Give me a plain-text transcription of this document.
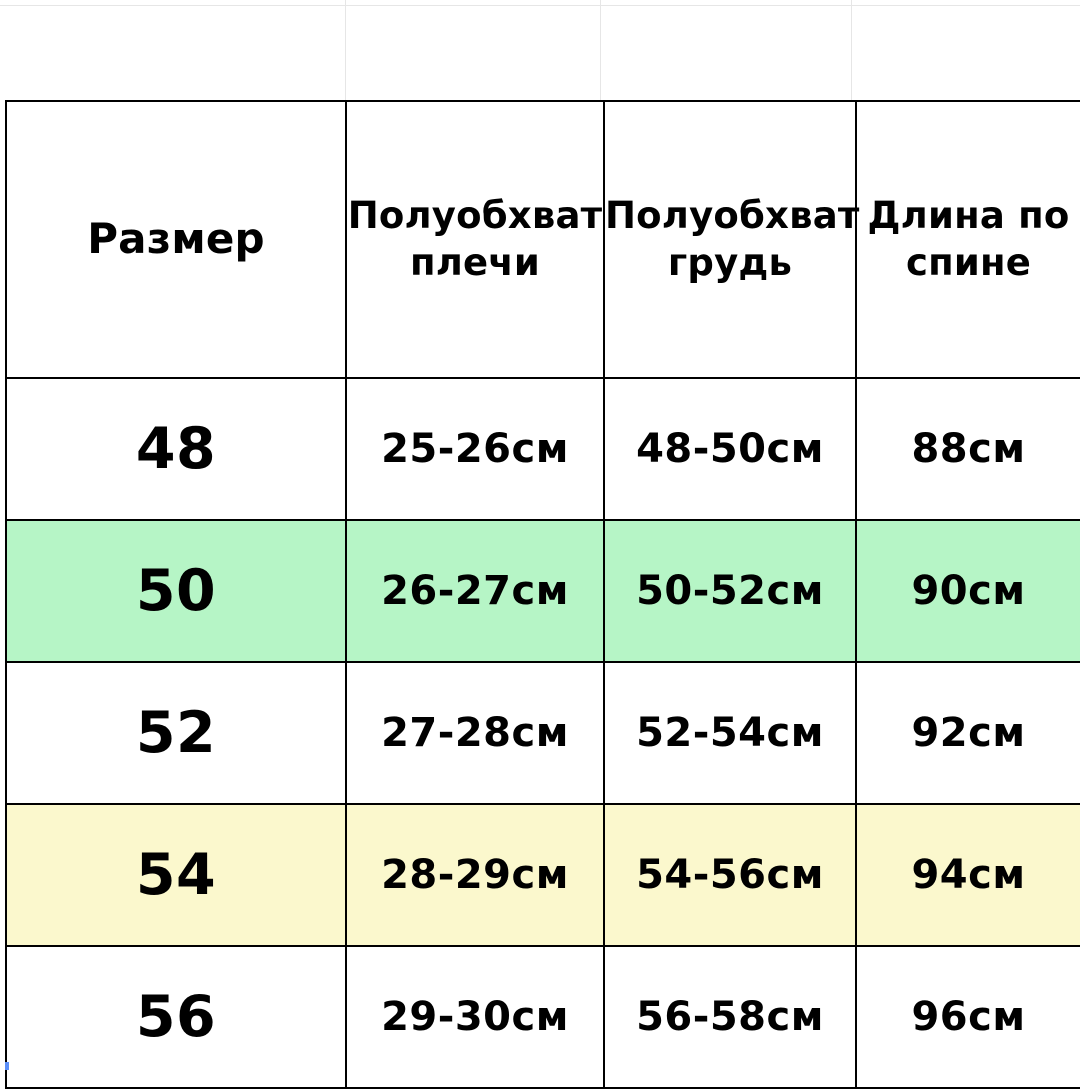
Размер	Полуобхват плечи	Полуобхват грудь	Длина по спине
48	25-26см	48-50см	88см
50	26-27см	50-52см	90см
52	27-28см	52-54см	92см
54	28-29см	54-56см	94см
56	29-30см	56-58см	96см
